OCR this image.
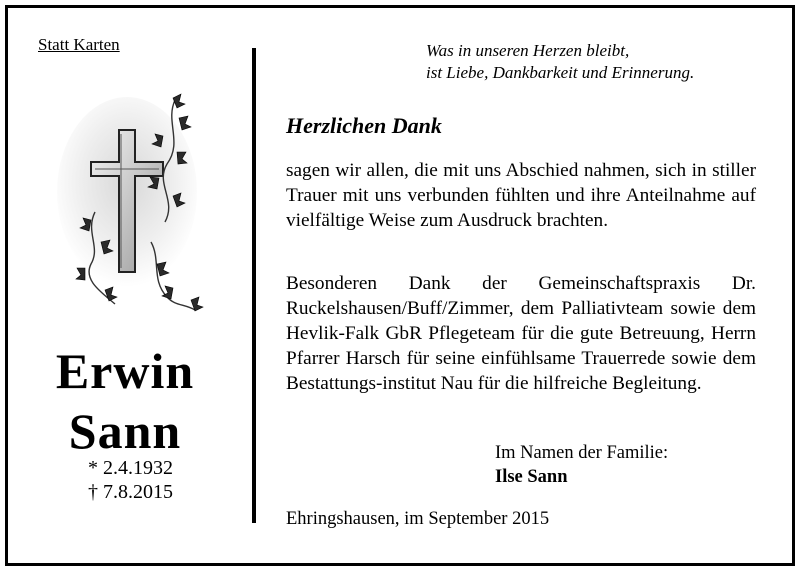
Statt Karten
Erwin
Sann
* 2.4.1932
† 7.8.2015
Was in unseren Herzen bleibt,
ist Liebe, Dankbarkeit und Erinnerung.
Herzlichen Dank

sagen wir allen, die mit uns Abschied nahmen, sich in stiller Trauer mit uns verbunden fühlten und ihre Anteilnahme auf vielfältige Weise zum Ausdruck brachten.

Besonderen Dank der Gemeinschaftspraxis Dr. Ruckelshausen/Buff/Zimmer, dem Palliativteam sowie dem Hevlik-Falk GbR Pflegeteam für die gute Betreuung, Herrn Pfarrer Harsch für seine einfühlsame Trauerrede sowie dem Bestattungs-institut Nau für die hilfreiche Begleitung.

Im Namen der Familie:
Ilse Sann
Ehringshausen, im September 2015
